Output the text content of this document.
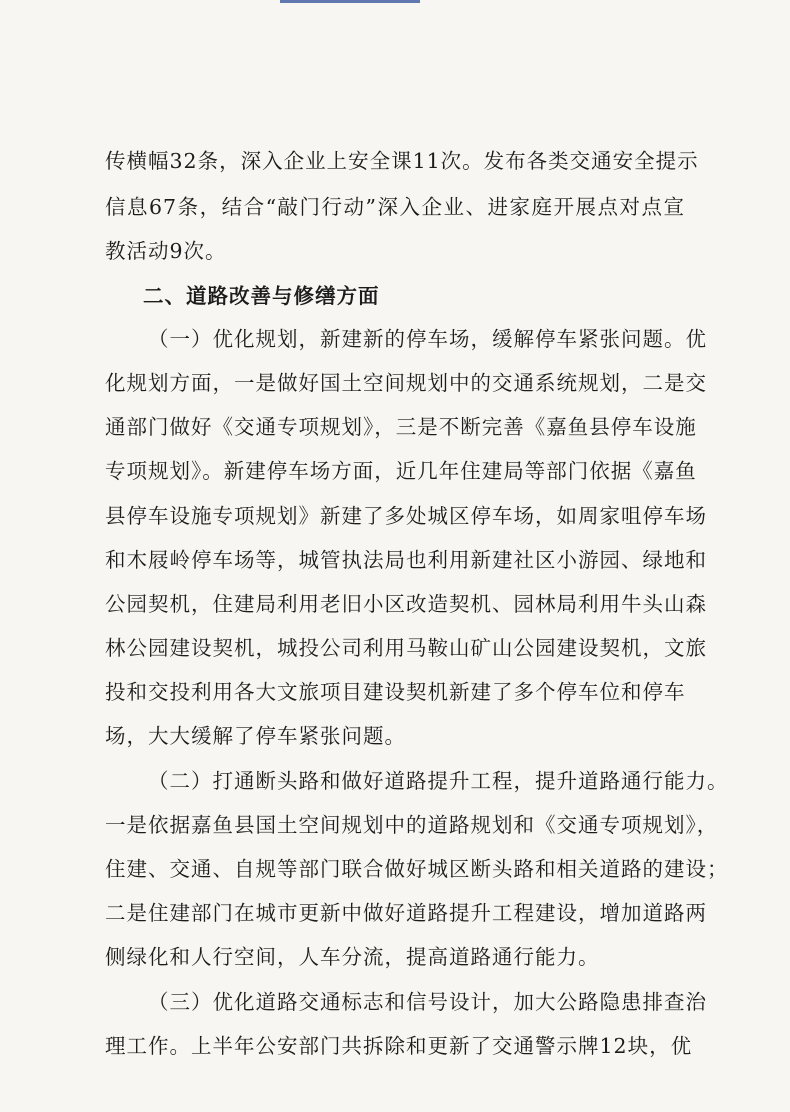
传横幅32条，深入企业上安全课11次。发布各类交通安全提示
信息67条，结合“敲门行动”深入企业、进家庭开展点对点宣
教活动9次。
二、道路改善与修缮方面
（一）优化规划，新建新的停车场，缓解停车紧张问题。优
化规划方面，一是做好国土空间规划中的交通系统规划，二是交
通部门做好《交通专项规划》，三是不断完善《嘉鱼县停车设施
专项规划》。新建停车场方面，近几年住建局等部门依据《嘉鱼
县停车设施专项规划》新建了多处城区停车场，如周家咀停车场
和木屐岭停车场等，城管执法局也利用新建社区小游园、绿地和
公园契机，住建局利用老旧小区改造契机、园林局利用牛头山森
林公园建设契机，城投公司利用马鞍山矿山公园建设契机，文旅
投和交投利用各大文旅项目建设契机新建了多个停车位和停车
场，大大缓解了停车紧张问题。
（二）打通断头路和做好道路提升工程，提升道路通行能力。
一是依据嘉鱼县国土空间规划中的道路规划和《交通专项规划》，
住建、交通、自规等部门联合做好城区断头路和相关道路的建设；
二是住建部门在城市更新中做好道路提升工程建设，增加道路两
侧绿化和人行空间，人车分流，提高道路通行能力。
（三）优化道路交通标志和信号设计，加大公路隐患排查治
理工作。上半年公安部门共拆除和更新了交通警示牌12块，优
